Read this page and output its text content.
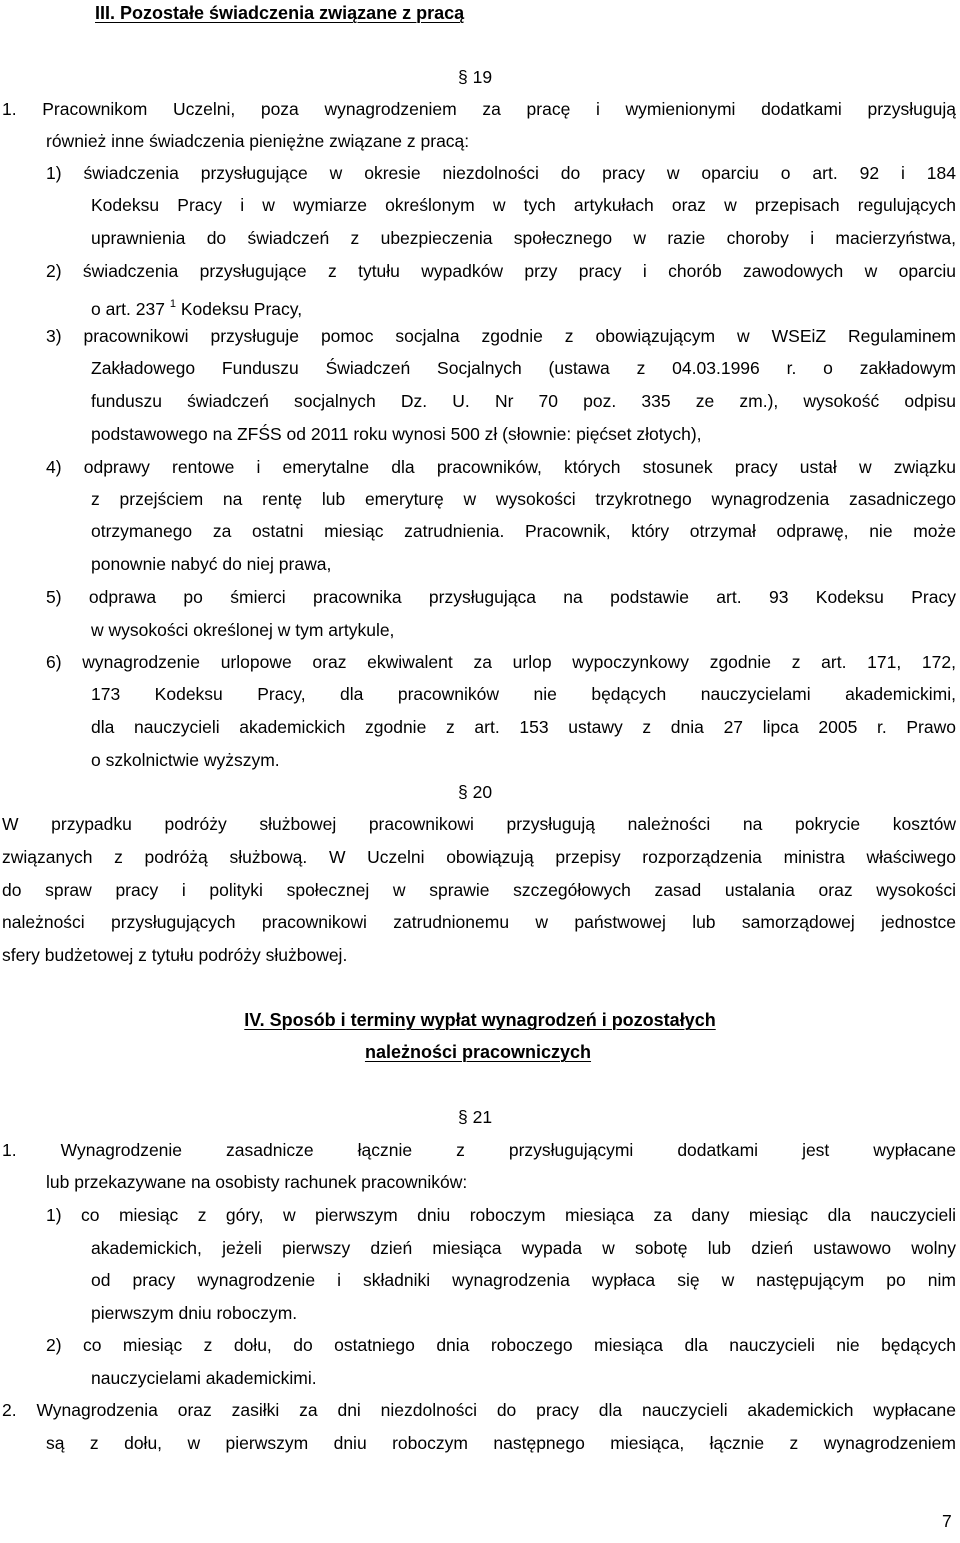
III. Pozostałe świadczenia związane z pracą
§ 19
1. Pracownikom Uczelni, poza wynagrodzeniem za pracę i wymienionymi dodatkami przysługują
również inne świadczenia pieniężne związane z pracą:
1) świadczenia przysługujące w okresie niezdolności do pracy w oparciu o art. 92 i 184
Kodeksu Pracy i w wymiarze określonym w tych artykułach oraz w przepisach regulujących
uprawnienia do świadczeń z ubezpieczenia społecznego w razie choroby i macierzyństwa,
2) świadczenia przysługujące z tytułu wypadków przy pracy i chorób zawodowych w oparciu
o art. 237 $^1$ Kodeksu Pracy,
3) pracownikowi przysługuje pomoc socjalna zgodnie z obowiązującym w WSEiZ Regulaminem
Zakładowego Funduszu Świadczeń Socjalnych (ustawa z 04.03.1996 r. o zakładowym
funduszu świadczeń socjalnych Dz. U. Nr 70 poz. 335 ze zm.), wysokość odpisu
podstawowego na ZFŚS od 2011 roku wynosi 500 zł (słownie: pięćset złotych),
4) odprawy rentowe i emerytalne dla pracowników, których stosunek pracy ustał w związku
z przejściem na rentę lub emeryturę w wysokości trzykrotnego wynagrodzenia zasadniczego
otrzymanego za ostatni miesiąc zatrudnienia. Pracownik, który otrzymał odprawę, nie może
ponownie nabyć do niej prawa,
5) odprawa po śmierci pracownika przysługująca na podstawie art. 93 Kodeksu Pracy
w wysokości określonej w tym artykule,
6) wynagrodzenie urlopowe oraz ekwiwalent za urlop wypoczynkowy zgodnie z art. 171, 172,
173 Kodeksu Pracy, dla pracowników nie będących nauczycielami akademickimi,
dla nauczycieli akademickich zgodnie z art. 153 ustawy z dnia 27 lipca 2005 r. Prawo
o szkolnictwie wyższym.
§ 20
W przypadku podróży służbowej pracownikowi przysługują należności na pokrycie kosztów
związanych z podróżą służbową. W Uczelni obowiązują przepisy rozporządzenia ministra właściwego
do spraw pracy i polityki społecznej w sprawie szczegółowych zasad ustalania oraz wysokości
należności przysługujących pracownikowi zatrudnionemu w państwowej lub samorządowej jednostce
sfery budżetowej z tytułu podróży służbowej.
IV. Sposób i terminy wypłat wynagrodzeń i pozostałych
należności pracowniczych
§ 21
1. Wynagrodzenie zasadnicze łącznie z przysługującymi dodatkami jest wypłacane
lub przekazywane na osobisty rachunek pracowników:
1) co miesiąc z góry, w pierwszym dniu roboczym miesiąca za dany miesiąc dla nauczycieli
akademickich, jeżeli pierwszy dzień miesiąca wypada w sobotę lub dzień ustawowo wolny
od pracy wynagrodzenie i składniki wynagrodzenia wypłaca się w następującym po nim
pierwszym dniu roboczym.
2) co miesiąc z dołu, do ostatniego dnia roboczego miesiąca dla nauczycieli nie będących
nauczycielami akademickimi.
2. Wynagrodzenia oraz zasiłki za dni niezdolności do pracy dla nauczycieli akademickich wypłacane
są z dołu, w pierwszym dniu roboczym następnego miesiąca, łącznie z wynagrodzeniem
7
